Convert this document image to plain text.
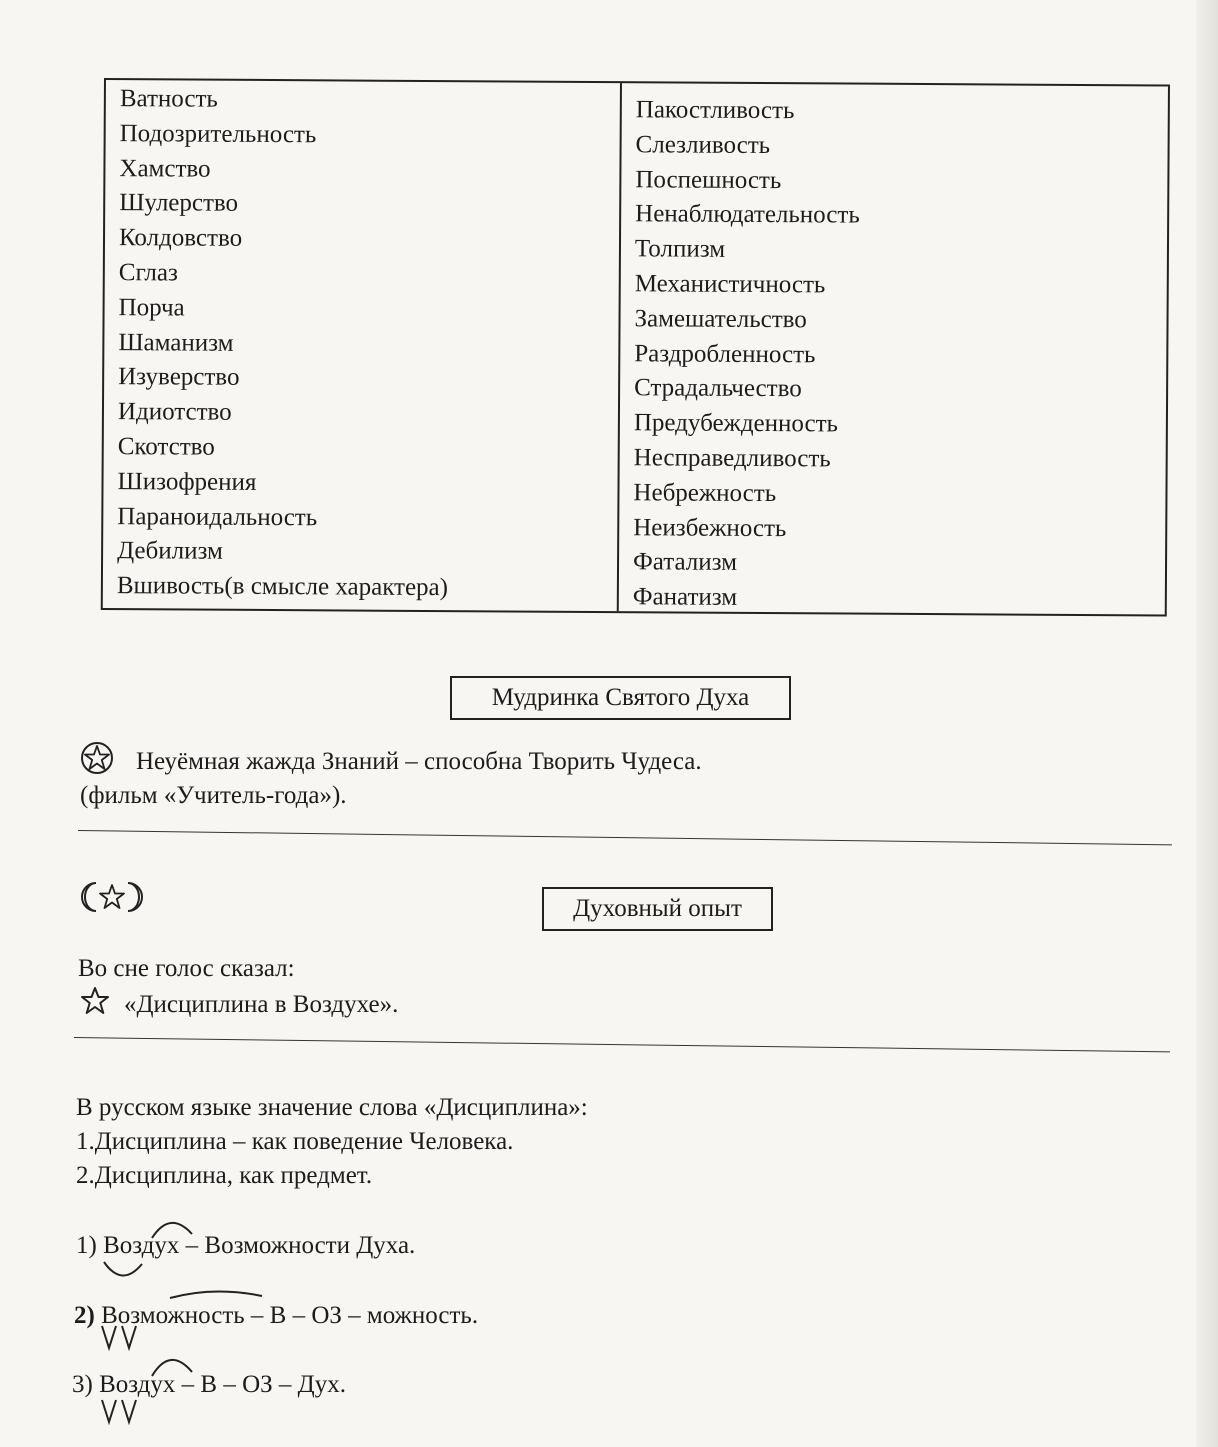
Ватность
Подозрительность
Хамство
Шулерство
Колдовство
Сглаз
Порча
Шаманизм
Изуверство
Идиотство
Скотство
Шизофрения
Параноидальность
Дебилизм
Вшивость(в смысле характера)
Пакостливость
Слезливость
Поспешность
Ненаблюдательность
Толпизм
Механистичность
Замешательство
Раздробленность
Страдальчество
Предубежденность
Несправедливость
Небрежность
Неизбежность
Фатализм
Фанатизм
Мудринка Святого Духа
Неуёмная жажда Знаний – способна Творить Чудеса.
(фильм «Учитель-года»).
Духовный опыт
Во сне голос сказал:
«Дисциплина в Воздухе».
В русском языке значение слова «Дисциплина»:
1.Дисциплина – как поведение Человека.
2.Дисциплина, как предмет.
1) Воздух – Возможности Духа.
2) Возможность – В – ОЗ – можность.
3) Воздух – В – ОЗ – Дух.
